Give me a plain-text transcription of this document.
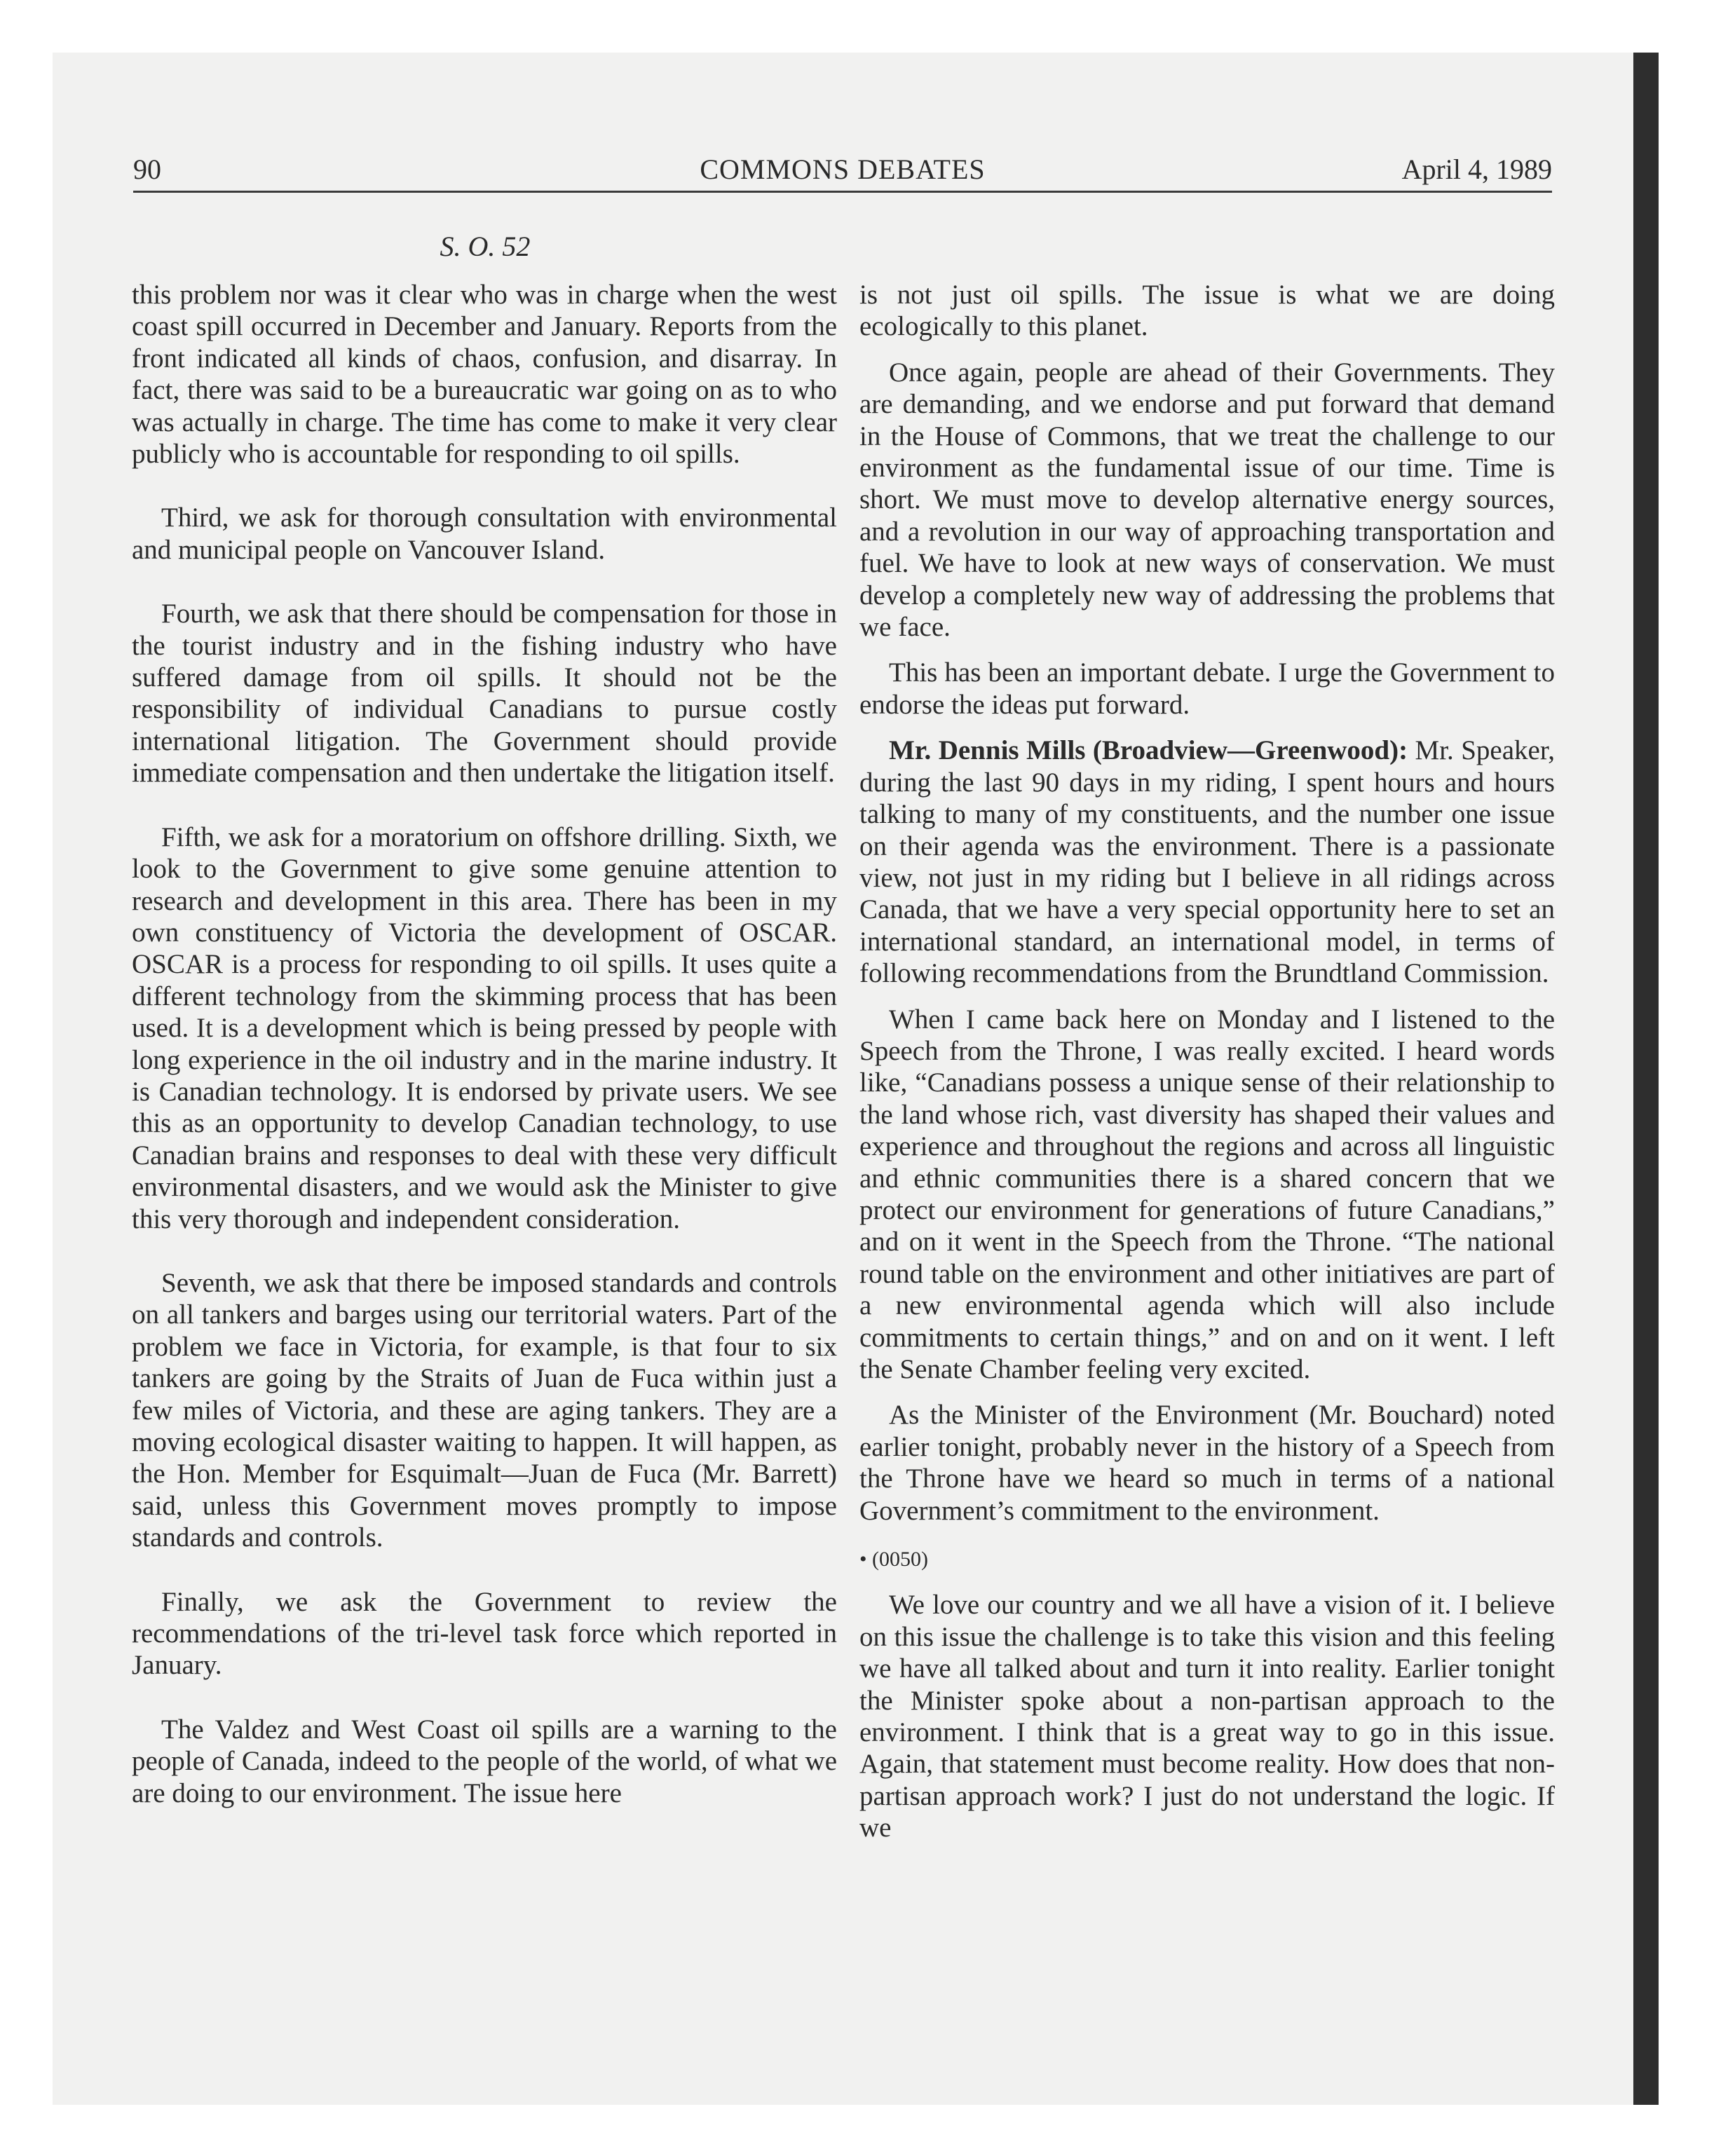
90	COMMONS DEBATES	April 4, 1989
S. O. 52

this problem nor was it clear who was in charge when the west coast spill occurred in December and January. Reports from the front indicated all kinds of chaos, confusion, and disarray. In fact, there was said to be a bureaucratic war going on as to who was actually in charge. The time has come to make it very clear publicly who is accountable for responding to oil spills.

Third, we ask for thorough consultation with environmental and municipal people on Vancouver Island.

Fourth, we ask that there should be compensation for those in the tourist industry and in the fishing industry who have suffered damage from oil spills. It should not be the responsibility of individual Canadians to pursue costly international litigation. The Government should provide immediate compensation and then undertake the litigation itself.

Fifth, we ask for a moratorium on offshore drilling. Sixth, we look to the Government to give some genuine attention to research and development in this area. There has been in my own constituency of Victoria the development of OSCAR. OSCAR is a process for responding to oil spills. It uses quite a different technology from the skimming process that has been used. It is a development which is being pressed by people with long experience in the oil industry and in the marine industry. It is Canadian technology. It is endorsed by private users. We see this as an opportunity to develop Canadian technology, to use Canadian brains and responses to deal with these very difficult environmental disasters, and we would ask the Minister to give this very thorough and independent consideration.

Seventh, we ask that there be imposed standards and controls on all tankers and barges using our territorial waters. Part of the problem we face in Victoria, for example, is that four to six tankers are going by the Straits of Juan de Fuca within just a few miles of Victoria, and these are aging tankers. They are a moving ecological disaster waiting to happen. It will happen, as the Hon. Member for Esquimalt—Juan de Fuca (Mr. Barrett) said, unless this Government moves promptly to impose standards and controls.

Finally, we ask the Government to review the recommendations of the tri-level task force which reported in January.

The Valdez and West Coast oil spills are a warning to the people of Canada, indeed to the people of the world, of what we are doing to our environment. The issue here

is not just oil spills. The issue is what we are doing ecologically to this planet.

Once again, people are ahead of their Governments. They are demanding, and we endorse and put forward that demand in the House of Commons, that we treat the challenge to our environment as the fundamental issue of our time. Time is short. We must move to develop alternative energy sources, and a revolution in our way of approaching transportation and fuel. We have to look at new ways of conservation. We must develop a completely new way of addressing the problems that we face.

This has been an important debate. I urge the Government to endorse the ideas put forward.

Mr. Dennis Mills (Broadview—Greenwood): Mr. Speaker, during the last 90 days in my riding, I spent hours and hours talking to many of my constituents, and the number one issue on their agenda was the environment. There is a passionate view, not just in my riding but I believe in all ridings across Canada, that we have a very special opportunity here to set an international standard, an international model, in terms of following recommendations from the Brundtland Commission.

When I came back here on Monday and I listened to the Speech from the Throne, I was really excited. I heard words like, “Canadians possess a unique sense of their relationship to the land whose rich, vast diversity has shaped their values and experience and throughout the regions and across all linguistic and ethnic communities there is a shared concern that we protect our environment for generations of future Canadians,” and on it went in the Speech from the Throne. “The national round table on the environment and other initiatives are part of a new environmental agenda which will also include commitments to certain things,” and on and on it went. I left the Senate Chamber feeling very excited.

As the Minister of the Environment (Mr. Bouchard) noted earlier tonight, probably never in the history of a Speech from the Throne have we heard so much in terms of a national Government’s commitment to the environment.

• (0050)

We love our country and we all have a vision of it. I believe on this issue the challenge is to take this vision and this feeling we have all talked about and turn it into reality. Earlier tonight the Minister spoke about a non-partisan approach to the environment. I think that is a great way to go in this issue. Again, that statement must become reality. How does that non-partisan approach work? I just do not understand the logic. If we
